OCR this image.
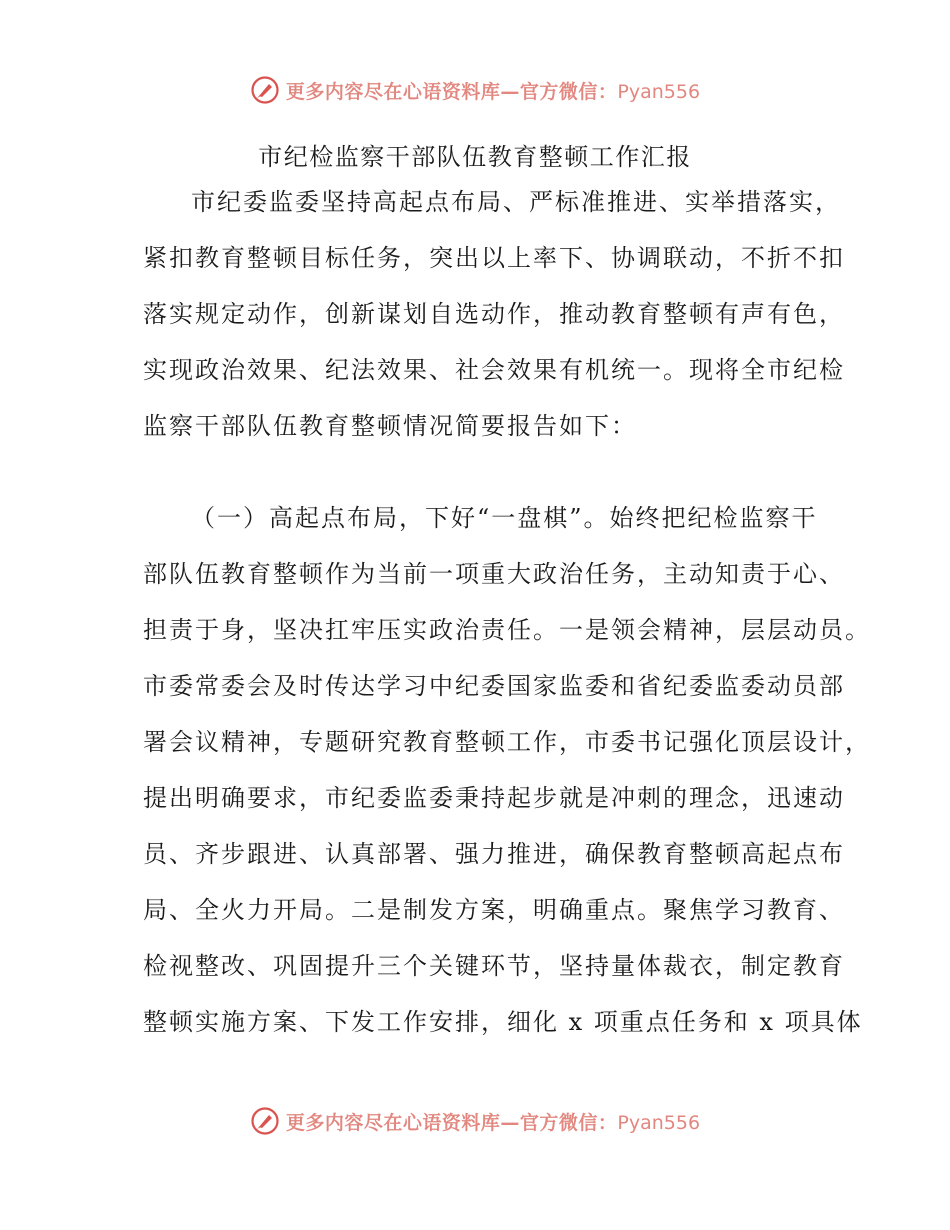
更多内容尽在心语资料库—官方微信：Pyan556
市纪检监察干部队伍教育整顿工作汇报
市纪委监委坚持高起点布局、严标准推进、实举措落实，
紧扣教育整顿目标任务，突出以上率下、协调联动，不折不扣
落实规定动作，创新谋划自选动作，推动教育整顿有声有色，
实现政治效果、纪法效果、社会效果有机统一。现将全市纪检
监察干部队伍教育整顿情况简要报告如下：
（一）高起点布局，下好“一盘棋”。始终把纪检监察干
部队伍教育整顿作为当前一项重大政治任务，主动知责于心、
担责于身，坚决扛牢压实政治责任。一是领会精神，层层动员。
市委常委会及时传达学习中纪委国家监委和省纪委监委动员部
署会议精神，专题研究教育整顿工作，市委书记强化顶层设计，
提出明确要求，市纪委监委秉持起步就是冲刺的理念，迅速动
员、齐步跟进、认真部署、强力推进，确保教育整顿高起点布
局、全火力开局。二是制发方案，明确重点。聚焦学习教育、
检视整改、巩固提升三个关键环节，坚持量体裁衣，制定教育
整顿实施方案、下发工作安排，细化 x 项重点任务和 x 项具体
更多内容尽在心语资料库—官方微信：Pyan556
